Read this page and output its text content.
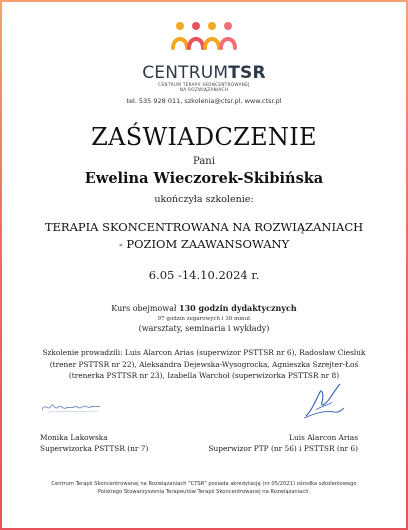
CENTRUMTSR
CENTRUM TERAPII SKONCENTROWANEJ
NA ROZWIĄZANIACH
tel. 535 928 011, szkolenia@ctsr.pl, www.ctsr.pl
ZAŚWIADCZENIE
Pani
Ewelina Wieczorek-Skibińska
ukończyła szkolenie:
TERAPIA SKONCENTROWANA NA ROZWIĄZANIACH
- POZIOM ZAAWANSOWANY
6.05 -14.10.2024 r.
Kurs obejmował 130 godzin dydaktycznych
97 godzin zegarowych i 30 minut
(warsztaty, seminaria i wykłady)
Szkolenie prowadzili: Luis Alarcon Arias (superwizor PSTTSR nr 6), Radosław Ciesluk
(trener PSTTSR nr 22), Aleksandra Dejewska-Wysogrocka, Agnieszka Szrejter-Łoś
(trenerka PSTTSR nr 23), Izabella Warchoł (superwizorka PSTTSR nr 8)
Monika Lakowska
Superwizorka PSTTSR (nr 7)
Luis Alarcon Arias
Superwizor PTP (nr 56) i PSTTSR (nr 6)
Centrum Terapii Skoncentrowanej na Rozwiązaniach "CTSR" posiada akredytację (nr 05/2021) ośrodka szkoleniowego
Polskiego Stowarzyszenia Terapeutów Terapii Skoncentrowanej na Rozwiązaniach.
